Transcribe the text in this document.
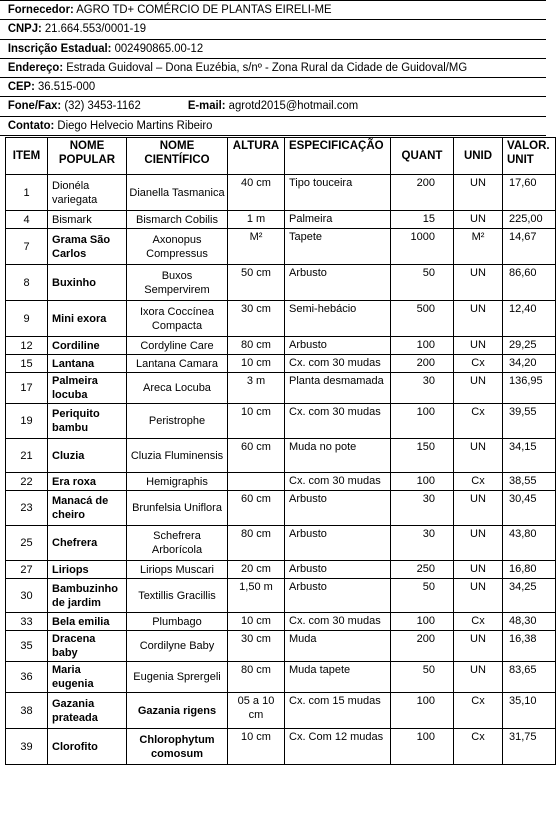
Fornecedor: AGRO TD+ COMÉRCIO DE PLANTAS EIRELI-ME
CNPJ: 21.664.553/0001-19
Inscrição Estadual: 002490865.00-12
Endereço: Estrada Guidoval – Dona Euzébia, s/nº - Zona Rural da Cidade de Guidoval/MG
CEP: 36.515-000
Fone/Fax: (32) 3453-1162	E-mail: agrotd2015@hotmail.com
Contato: Diego Helvecio Martins Ribeiro
ITEM	NOME POPULAR	NOME CIENTÍFICO	ALTURA	ESPECIFICAÇÃO	QUANT	UNID	VALOR. UNIT
1	Dionéla variegata	Dianella Tasmanica	40 cm	Tipo touceira	200	UN	17,60
4	Bismark	Bismarch Cobilis	1 m	Palmeira	15	UN	225,00
7	Grama São Carlos	Axonopus Compressus	M²	Tapete	1000	M²	14,67
8	Buxinho	Buxos Sempervirem	50 cm	Arbusto	50	UN	86,60
9	Mini exora	Ixora Coccínea Compacta	30 cm	Semi-hebácio	500	UN	12,40
12	Cordiline	Cordyline Care	80 cm	Arbusto	100	UN	29,25
15	Lantana	Lantana Camara	10 cm	Cx. com 30 mudas	200	Cx	34,20
17	Palmeira locuba	Areca Locuba	3 m	Planta desmamada	30	UN	136,95
19	Periquito bambu	Peristrophe	10 cm	Cx. com 30 mudas	100	Cx	39,55
21	Cluzia	Cluzia Fluminensis	60 cm	Muda no pote	150	UN	34,15
22	Era roxa	Hemigraphis		Cx. com 30 mudas	100	Cx	38,55
23	Manacá de cheiro	Brunfelsia Uniflora	60 cm	Arbusto	30	UN	30,45
25	Chefrera	Schefrera Arborícola	80 cm	Arbusto	30	UN	43,80
27	Liriops	Liriops Muscari	20 cm	Arbusto	250	UN	16,80
30	Bambuzinho de jardim	Textillis Gracillis	1,50 m	Arbusto	50	UN	34,25
33	Bela emilia	Plumbago	10 cm	Cx. com 30 mudas	100	Cx	48,30
35	Dracena baby	Cordilyne Baby	30 cm	Muda	200	UN	16,38
36	Maria eugenia	Eugenia Sprergeli	80 cm	Muda tapete	50	UN	83,65
38	Gazania prateada	Gazania rigens	05 a 10 cm	Cx. com 15 mudas	100	Cx	35,10
39	Clorofito	Chlorophytum comosum	10 cm	Cx. Com 12 mudas	100	Cx	31,75
